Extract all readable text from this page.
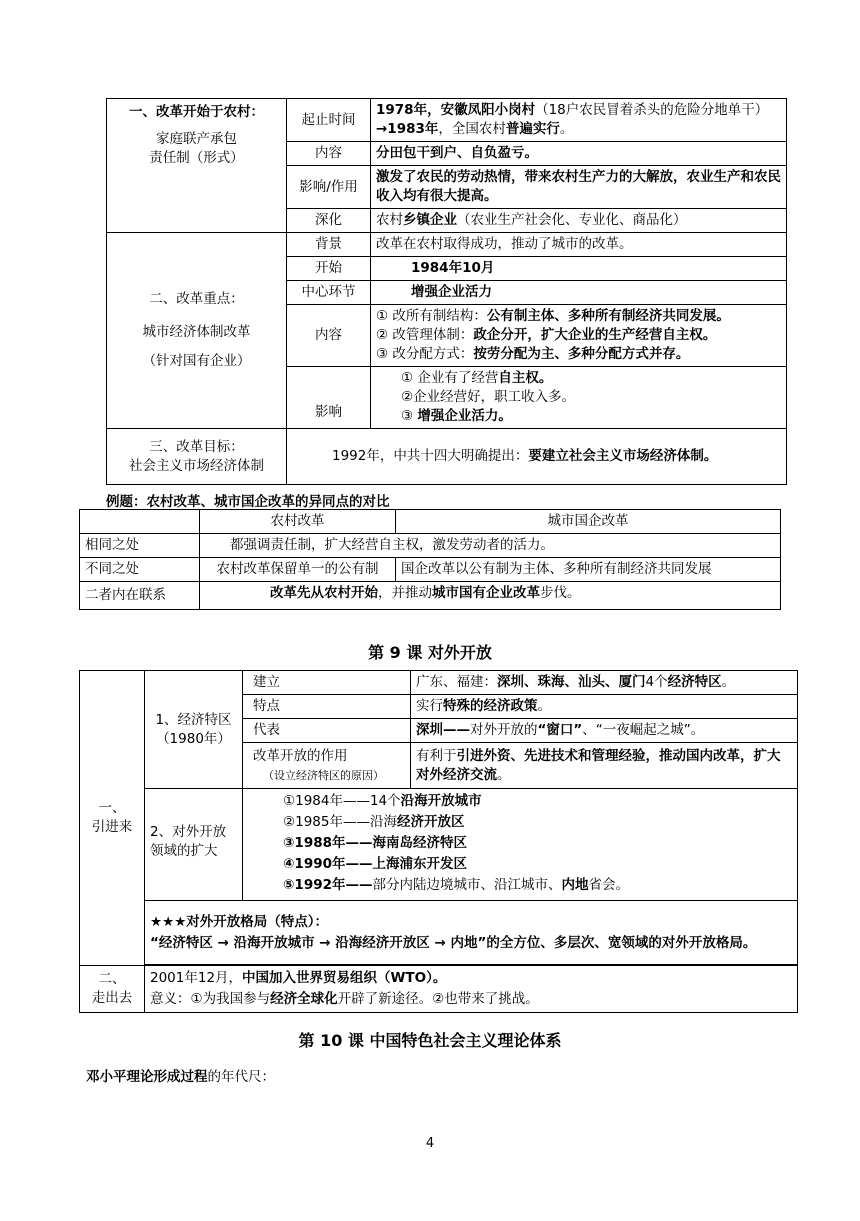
一、改革开始于农村：
家庭联产承包
责任制（形式）	起止时间	1978年，安徽凤阳小岗村（18户农民冒着杀头的危险分地单干）→1983年，全国农村普遍实行。
	内容	分田包干到户、自负盈亏。
	影响/作用	激发了农民的劳动热情，带来农村生产力的大解放，农业生产和农民收入均有很大提高。
	深化	农村乡镇企业（农业生产社会化、专业化、商品化）

二、改革重点：
城市经济体制改革
（针对国有企业）	背景	改革在农村取得成功，推动了城市的改革。
	开始	1984年10月
	中心环节	增强企业活力
	内容	① 改所有制结构：公有制主体、多种所有制经济共同发展。
② 改管理体制：政企分开，扩大企业的生产经营自主权。
③ 改分配方式：按劳分配为主、多种分配方式并存。

	影响	① 企业有了经营自主权。
②企业经营好，职工收入多。
③ 增强企业活力。

三、改革目标：
社会主义市场经济体制	1992年，中共十四大明确提出：要建立社会主义市场经济体制。	
例题：农村改革、城市国企改革的异同点的对比
	农村改革	城市国企改革
相同之处	都强调责任制，扩大经营自主权，激发劳动者的活力。	
不同之处	农村改革保留单一的公有制	国企改革以公有制为主体、多种所有制经济共同发展
二者内在联系	改革先从农村开始，并推动城市国有企业改革步伐。	
第 9 课 对外开放
一、
引进来	1、经济特区
（1980年）	建立	广东、福建：深圳、珠海、汕头、厦门4个经济特区。
		特点	实行特殊的经济政策。
		代表	深圳——对外开放的“窗口”、“一夜崛起之城”。

		改革开放的作用
（设立经济特区的原因）	有利于引进外资、先进技术和管理经验，推动国内改革，扩大对外经济交流。
	2、对外开放
领域的扩大	①1984年——14个沿海开放城市
②1985年——沿海经济开放区
③1988年——海南岛经济特区
④1990年——上海浦东开发区
⑤1992年——部分内陆边境城市、沿江城市、内地省会。	

	★★★对外开放格局（特点）：
“经济特区 → 沿海开放城市 → 沿海经济开放区 → 内地”的全方位、多层次、宽领域的对外开放格局。		

二、
走出去	2001年12月，中国加入世界贸易组织（WTO）。
意义：①为我国参与经济全球化开辟了新途径。②也带来了挑战。		
第 10 课 中国特色社会主义理论体系
邓小平理论形成过程的年代尺：
4
